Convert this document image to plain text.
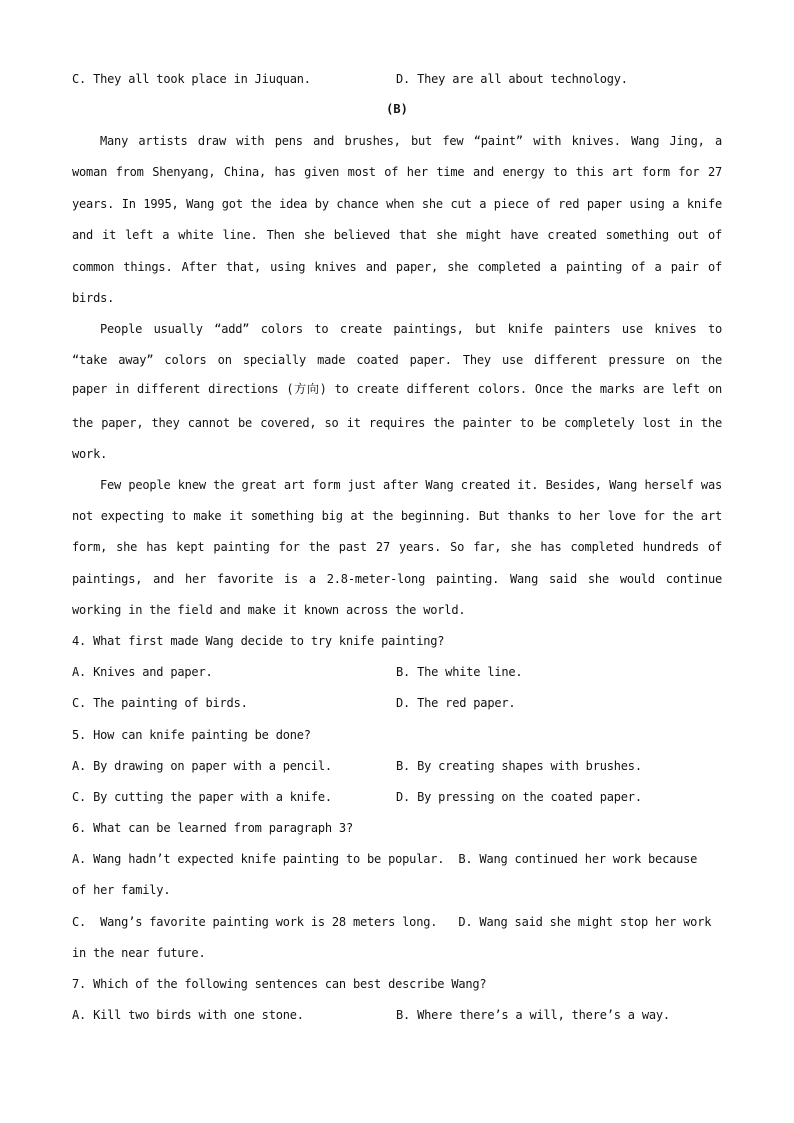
C. They all took place in Jiuquan.	D. They are all about technology.
(B)
Many artists draw with pens and brushes, but few “paint” with knives. Wang Jing, a
woman from Shenyang, China, has given most of her time and energy to this art form for 27
years. In 1995, Wang got the idea by chance when she cut a piece of red paper using a knife
and it left a white line. Then she believed that she might have created something out of
common things. After that, using knives and paper, she completed a painting of a pair of
birds.
People usually “add” colors to create paintings, but knife painters use knives to
“take away” colors on specially made coated paper. They use different pressure on the
paper in different directions (方向) to create different colors. Once the marks are left on
the paper, they cannot be covered, so it requires the painter to be completely lost in the
work.
Few people knew the great art form just after Wang created it. Besides, Wang herself was
not expecting to make it something big at the beginning. But thanks to her love for the art
form, she has kept painting for the past 27 years. So far, she has completed hundreds of
paintings, and her favorite is a 2.8-meter-long painting. Wang said she would continue
working in the field and make it known across the world.
4. What first made Wang decide to try knife painting?
A. Knives and paper.	B. The white line.
C. The painting of birds.	D. The red paper.
5. How can knife painting be done?
A. By drawing on paper with a pencil.	B. By creating shapes with brushes.
C. By cutting the paper with a knife.	D. By pressing on the coated paper.
6. What can be learned from paragraph 3?
A. Wang hadn’t expected knife painting to be popular.  B. Wang continued her work because
of her family.
C.  Wang’s favorite painting work is 28 meters long.   D. Wang said she might stop her work
in the near future.
7. Which of the following sentences can best describe Wang?
A. Kill two birds with one stone.	B. Where there’s a will, there’s a way.
